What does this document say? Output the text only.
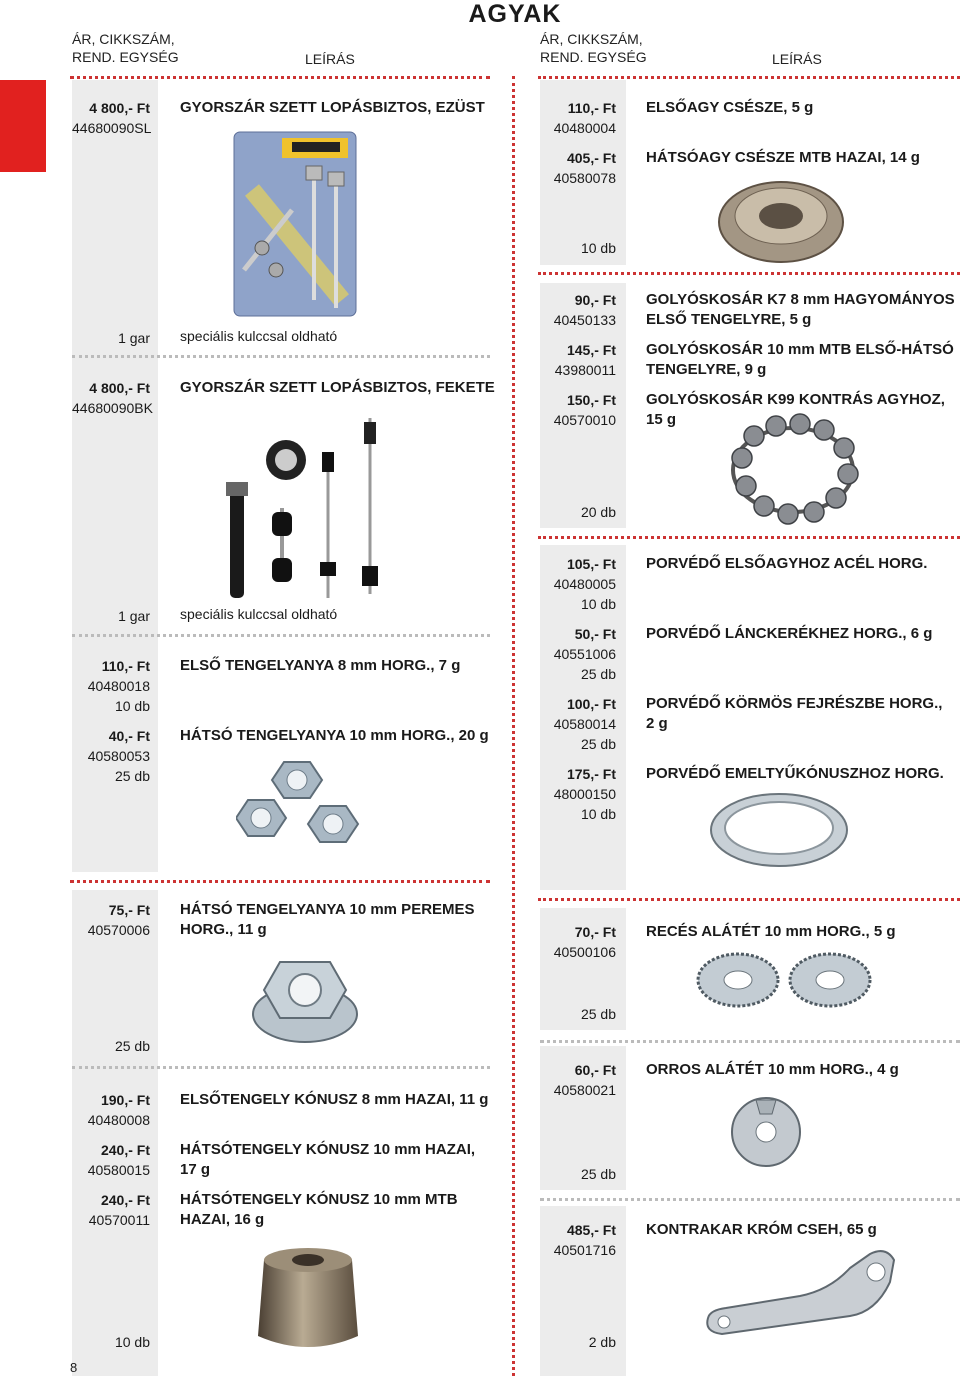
AGYAK
ÁR, CIKKSZÁM,
REND. EGYSÉG	LEÍRÁS
ÁR, CIKKSZÁM,
REND. EGYSÉG	LEÍRÁS
4 800,- Ft
44680090SL
GYORSZÁR SZETT LOPÁSBIZTOS, EZÜST
1 gar speciális kulccsal oldható
4 800,- Ft
44680090BK
GYORSZÁR SZETT LOPÁSBIZTOS, FEKETE
1 gar speciális kulccsal oldható
110,- Ft
40480018
10 db
ELSŐ TENGELYANYA 8 mm HORG., 7 g
40,- Ft
40580053
25 db
HÁTSÓ TENGELYANYA 10 mm HORG., 20 g
75,- Ft
40570006
HÁTSÓ TENGELYANYA 10 mm PEREMES HORG., 11 g
25 db
190,- Ft
40480008
ELSŐTENGELY KÓNUSZ 8 mm HAZAI, 11 g
240,- Ft
40580015
HÁTSÓTENGELY KÓNUSZ 10 mm HAZAI, 17 g
240,- Ft
40570011
HÁTSÓTENGELY KÓNUSZ 10 mm MTB HAZAI, 16 g
10 db
110,- Ft
40480004
ELSŐAGY CSÉSZE, 5 g
405,- Ft
40580078
HÁTSÓAGY CSÉSZE MTB HAZAI, 14 g
10 db
90,- Ft
40450133
GOLYÓSKOSÁR K7 8 mm HAGYOMÁNYOS
ELSŐ TENGELYRE, 5 g
145,- Ft
43980011
GOLYÓSKOSÁR 10 mm MTB ELSŐ-HÁTSÓ
TENGELYRE, 9 g
150,- Ft
40570010
GOLYÓSKOSÁR K99 KONTRÁS AGYHOZ,
15 g
20 db
105,- Ft
40480005
10 db
PORVÉDŐ ELSŐAGYHOZ ACÉL HORG.
50,- Ft
40551006
25 db
PORVÉDŐ LÁNCKERÉKHEZ HORG., 6 g
100,- Ft
40580014
25 db
PORVÉDŐ KÖRMÖS FEJRÉSZBE HORG.,
2 g
175,- Ft
48000150
10 db
PORVÉDŐ EMELTYŰKÓNUSZHOZ HORG.
70,- Ft
40500106
RECÉS ALÁTÉT 10 mm HORG., 5 g
25 db
60,- Ft
40580021
ORROS ALÁTÉT 10 mm HORG., 4 g
25 db
485,- Ft
40501716
KONTRAKAR KRÓM CSEH, 65 g
2 db
8
